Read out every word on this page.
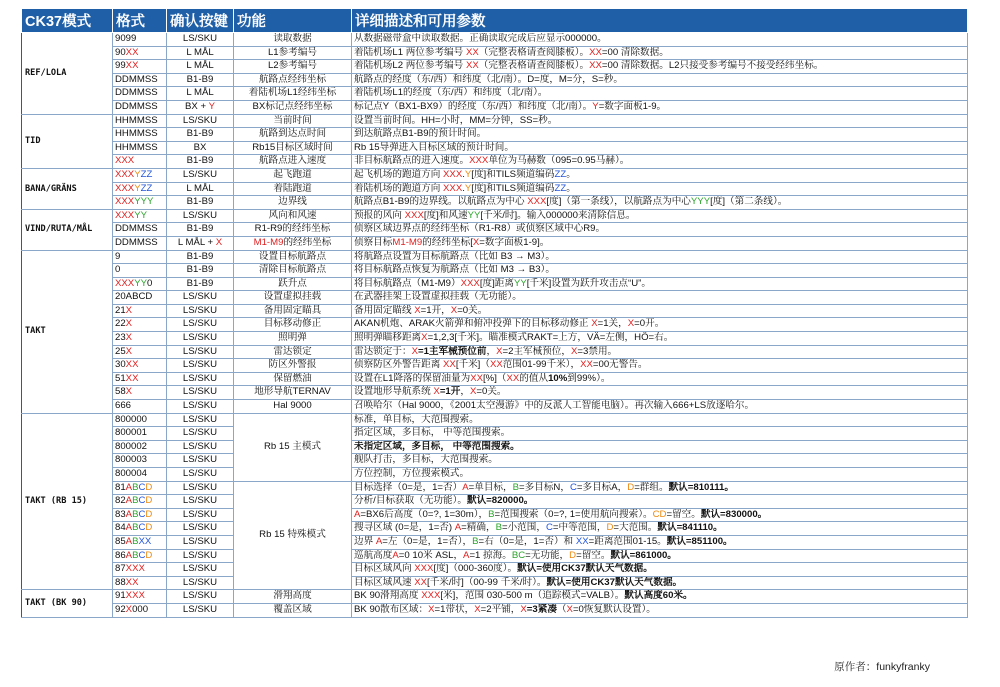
CK37模式	格式	确认按键	功能	详细描述和可用参数
REF/LOLA	9099	LS/SKU	读取数据	从数据磁带盒中读取数据。正确读取完成后应显示000000。
	90XX	L MÅL	L1参考编号	着陆机场L1 两位参考编号 XX（完整表格请查阅膝板）。XX=00 清除数据。
	99XX	L MÅL	L2参考编号	着陆机场L2 两位参考编号 XX（完整表格请查阅膝板）。XX=00 清除数据。L2只接受参考编号不接受经纬坐标。
	DDMMSS	B1-B9	航路点经纬坐标	航路点的经度（东/西）和纬度（北/南）。D=度，M=分，S=秒。
	DDMMSS	L MÅL	着陆机场L1经纬坐标	着陆机场L1的经度（东/西）和纬度（北/南）。
	DDMMSS	BX + Y	BX标记点经纬坐标	标记点Y（BX1-BX9）的经度（东/西）和纬度（北/南）。Y=数字面板1-9。
TID	HHMMSS	LS/SKU	当前时间	设置当前时间。HH=小时，MM=分钟，SS=秒。
	HHMMSS	B1-B9	航路到达点时间	到达航路点B1-B9的预计时间。
	HHMMSS	BX	Rb15目标区域时间	Rb 15导弹进入目标区域的预计时间。
	XXX	B1-B9	航路点进入速度	非目标航路点的进入速度。XXX单位为马赫数（095=0.95马赫）。
BANA/GRÄNS	XXXYZZ	LS/SKU	起飞跑道	起飞机场的跑道方向 XXX.Y[度]和TILS频道编码ZZ。
	XXXYZZ	L MÅL	着陆跑道	着陆机场的跑道方向 XXX.Y[度]和TILS频道编码ZZ。
	XXXYYY	B1-B9	边界线	航路点B1-B9的边界线。以航路点为中心 XXX[度]（第一条线），以航路点为中心YYY[度]（第二条线）。
VIND/RUTA/MÅL	XXXYY	LS/SKU	风向和风速	预报的风向 XXX[度]和风速YY[千米/时]。输入000000来清除信息。
	DDMMSS	B1-B9	R1-R9的经纬坐标	侦察区域边界点的经纬坐标（R1-R8）或侦察区域中心R9。
	DDMMSS	L MÅL + X	M1-M9的经纬坐标	侦察目标M1-M9的经纬坐标[X=数字面板1-9]。
TAKT	9	B1-B9	设置目标航路点	将航路点设置为目标航路点（比如 B3 → M3）。
	0	B1-B9	清除目标航路点	将目标航路点恢复为航路点（比如 M3 → B3）。
	XXXYY0	B1-B9	跃升点	将目标航路点（M1-M9）XXX[度]距离YY[千米]设置为跃升攻击点“U”。
	20ABCD	LS/SKU	设置虚拟挂载	在武器挂架上设置虚拟挂载（无功能）。
	21X	LS/SKU	备用固定瞄具	备用固定瞄线 X=1开，X=0关。
	22X	LS/SKU	目标移动修正	AKAN机炮、ARAK火箭弹和俯冲投弹下的目标移动修正 X=1关，X=0开。
	23X	LS/SKU	照明弹	照明弹瞄移距离X=1,2,3[千米]。瞄准模式RAKT=上方，VÄ=左侧，HÖ=右。
	25X	LS/SKU	雷达锁定	雷达锁定于：X=1主军械预位前，X=2主军械预位，X=3禁用。
	30XX	LS/SKU	防区外警报	侦察防区外警告距离 XX[千米]（XX范围01-99千米），XX=00无警告。
	51XX	LS/SKU	保留燃油	设置在L1降落的保留油量为XX[%]（XX的值从10%到99%）。
	58X	LS/SKU	地形导航TERNAV	设置地形导航系统 X=1开，X=0关。
	666	LS/SKU	Hal 9000	召唤哈尔（Hal 9000，《2001太空漫游》中的反派人工智能电脑）。再次输入666+LS放逐哈尔。
TAKT (RB 15)	800000	LS/SKU	Rb 15 主模式	标准，单目标，大范围搜索。
	800001	LS/SKU		指定区域，多目标， 中等范围搜索。
	800002	LS/SKU		未指定区域，多目标， 中等范围搜索。
	800003	LS/SKU		舰队打击，多目标，大范围搜索。
	800004	LS/SKU		方位控制，方位搜索模式。
	81ABCD	LS/SKU	Rb 15 特殊模式	目标选择（0=是，1=否）A=单目标，B=多目标N，C=多目标A，D=群组。默认=810111。
	82ABCD	LS/SKU		分析/目标获取（无功能）。默认=820000。
	83ABCD	LS/SKU		A=BX6后高度（0=?, 1=30m），B=范围搜索（0=?, 1=使用航向搜索）。CD=留空。默认=830000。
	84ABCD	LS/SKU		搜寻区域 (0=是，1=否) A=精确，B=小范围，C=中等范围，D=大范围。默认=841110。
	85ABXX	LS/SKU		边界 A=左（0=是，1=否），B=右（0=是，1=否）和 XX=距离范围01-15。默认=851100。
	86ABCD	LS/SKU		巡航高度A=0 10米 ASL，A=1 掠海。BC=无功能，D=留空。默认=861000。
	87XXX	LS/SKU		目标区域风向 XXX[度]（000-360度）。默认=使用CK37默认天气数据。
	88XX	LS/SKU		目标区域风速 XX[千米/时]（00-99 千米/时）。默认=使用CK37默认天气数据。
TAKT (BK 90)	91XXX	LS/SKU	滑翔高度	BK 90滑翔高度 XXX[米]，范围 030-500 m（追踪模式=VALB）。默认高度60米。
	92X000	LS/SKU	覆盖区域	BK 90散布区域：X=1带状，X=2平铺，X=3紧凑（X=0恢复默认设置）。
原作者：funkyfranky
